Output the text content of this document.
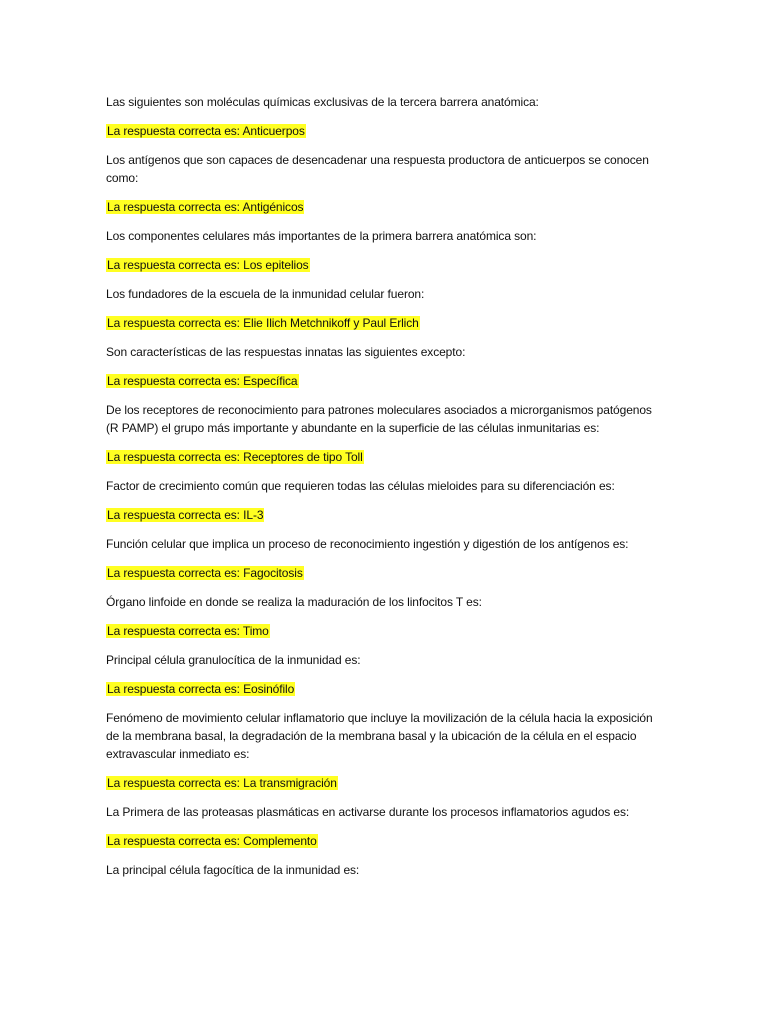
Las siguientes son moléculas químicas exclusivas de la tercera barrera anatómica:

La respuesta correcta es: Anticuerpos

Los antígenos que son capaces de desencadenar una respuesta productora de anticuerpos se conocen como:

La respuesta correcta es: Antigénicos

Los componentes celulares más importantes de la primera barrera anatómica son:

La respuesta correcta es: Los epitelios

Los fundadores de la escuela de la inmunidad celular fueron:

La respuesta correcta es: Elie Ilich Metchnikoff y Paul Erlich

Son características de las respuestas innatas las siguientes excepto:

La respuesta correcta es: Específica

De los receptores de reconocimiento para patrones moleculares asociados a microrganismos patógenos (R PAMP) el grupo más importante y abundante en la superficie de las células inmunitarias es:

La respuesta correcta es: Receptores de tipo Toll

Factor de crecimiento común que requieren todas las células mieloides para su diferenciación es:

La respuesta correcta es: IL-3

Función celular que implica un proceso de reconocimiento ingestión y digestión de los antígenos es:

La respuesta correcta es: Fagocitosis

Órgano linfoide en donde se realiza la maduración de los linfocitos T es:

La respuesta correcta es: Timo

Principal célula granulocítica de la inmunidad es:

La respuesta correcta es: Eosinófilo

Fenómeno de movimiento celular inflamatorio que incluye la movilización de la célula hacia la exposición de la membrana basal, la degradación de la membrana basal y la ubicación de la célula en el espacio extravascular inmediato es:

La respuesta correcta es: La transmigración

La Primera de las proteasas plasmáticas en activarse durante los procesos inflamatorios agudos es:

La respuesta correcta es: Complemento

La principal célula fagocítica de la inmunidad es:
